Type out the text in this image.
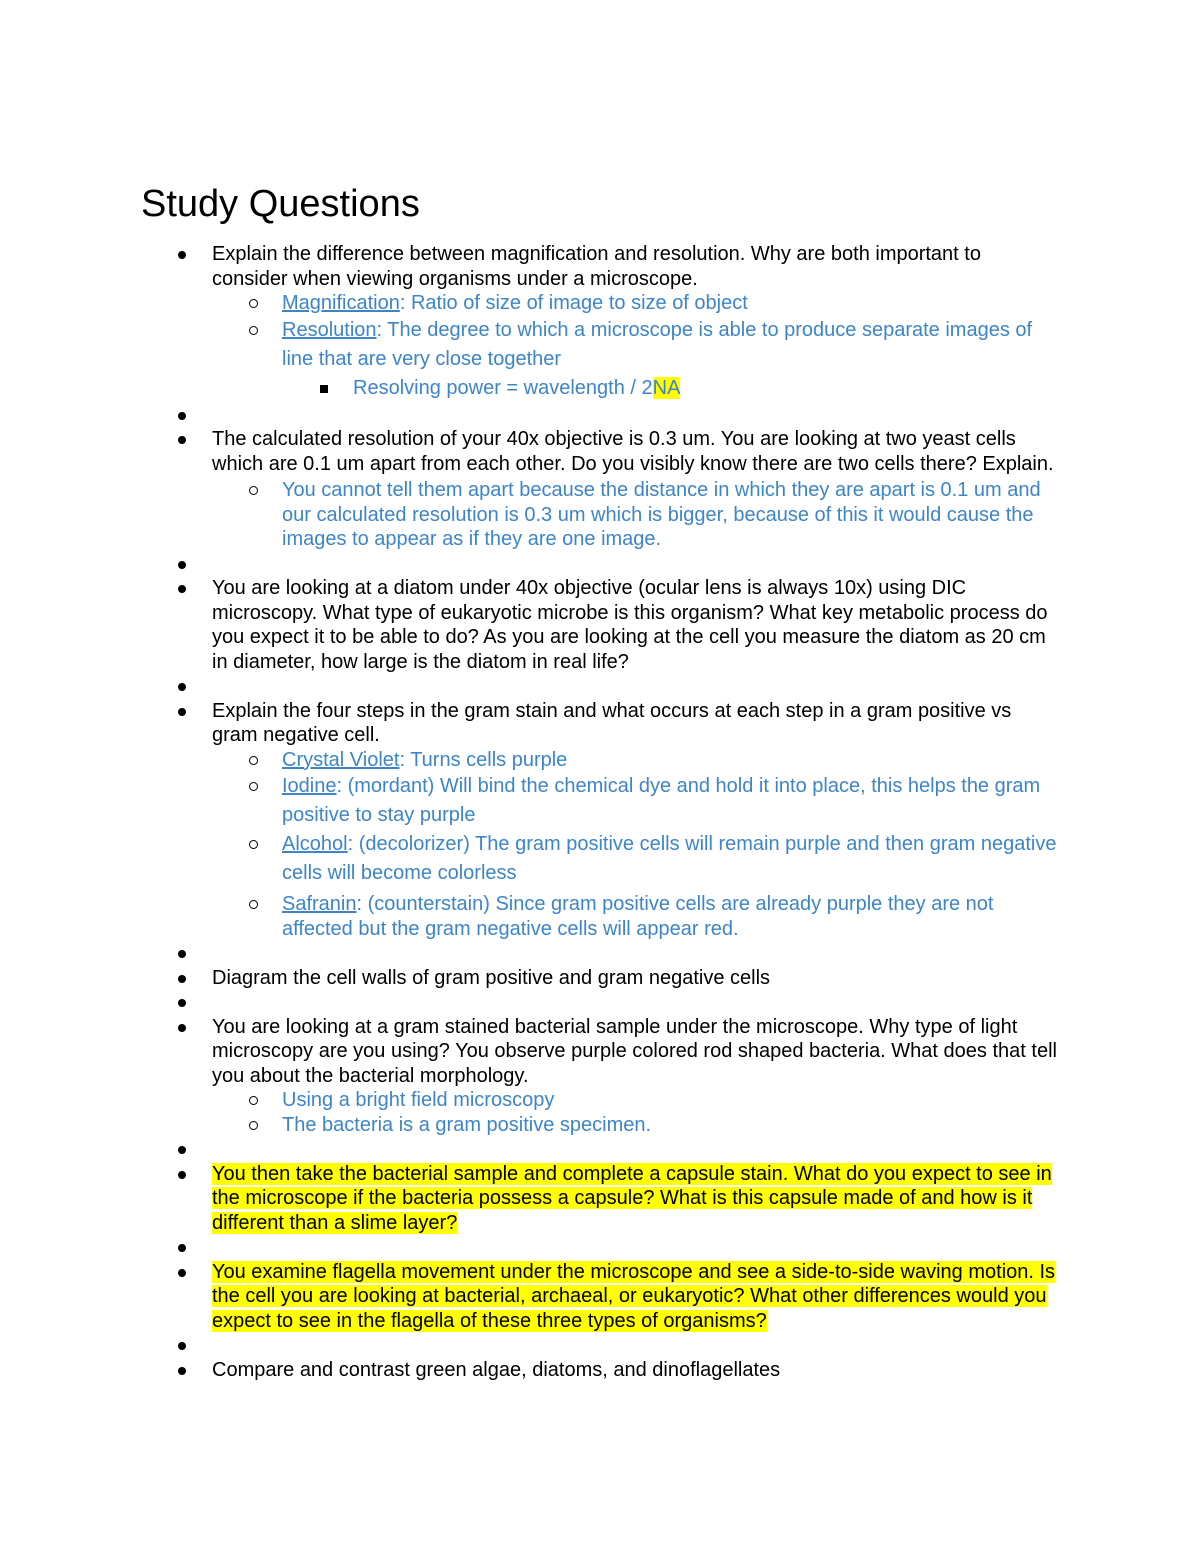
Study Questions
Explain the difference between magnification and resolution. Why are both important to consider when viewing organisms under a microscope.
Magnification: Ratio of size of image to size of object
Resolution: The degree to which a microscope is able to produce separate images of line that are very close together
Resolving power = wavelength / 2NA
The calculated resolution of your 40x objective is 0.3 um. You are looking at two yeast cells which are 0.1 um apart from each other. Do you visibly know there are two cells there? Explain.
You cannot tell them apart because the distance in which they are apart is 0.1 um and our calculated resolution is 0.3 um which is bigger, because of this it would cause the images to appear as if they are one image.
You are looking at a diatom under 40x objective (ocular lens is always 10x) using DIC microscopy. What type of eukaryotic microbe is this organism? What key metabolic process do you expect it to be able to do? As you are looking at the cell you measure the diatom as 20 cm in diameter, how large is the diatom in real life?
Explain the four steps in the gram stain and what occurs at each step in a gram positive vs gram negative cell.
Crystal Violet: Turns cells purple
Iodine: (mordant) Will bind the chemical dye and hold it into place, this helps the gram positive to stay purple
Alcohol: (decolorizer) The gram positive cells will remain purple and then gram negative cells will become colorless
Safranin: (counterstain) Since gram positive cells are already purple they are not affected but the gram negative cells will appear red.
Diagram the cell walls of gram positive and gram negative cells
You are looking at a gram stained bacterial sample under the microscope. Why type of light microscopy are you using? You observe purple colored rod shaped bacteria. What does that tell you about the bacterial morphology.
Using a bright field microscopy
The bacteria is a gram positive specimen.
You then take the bacterial sample and complete a capsule stain. What do you expect to see in the microscope if the bacteria possess a capsule? What is this capsule made of and how is it different than a slime layer?
You examine flagella movement under the microscope and see a side-to-side waving motion. Is the cell you are looking at bacterial, archaeal, or eukaryotic? What other differences would you expect to see in the flagella of these three types of organisms?
Compare and contrast green algae, diatoms, and dinoflagellates
